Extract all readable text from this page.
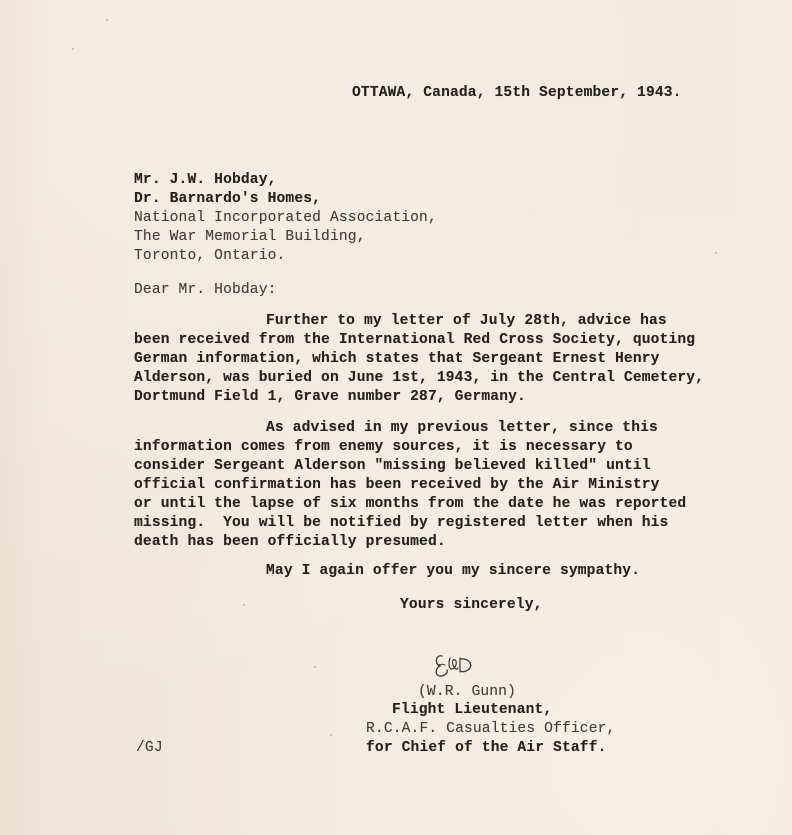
OTTAWA, Canada, 15th September, 1943.
Mr. J.W. Hobday,
Dr. Barnardo's Homes,
National Incorporated Association,
The War Memorial Building,
Toronto, Ontario.
Dear Mr. Hobday:
Further to my letter of July 28th, advice has
been received from the International Red Cross Society, quoting
German information, which states that Sergeant Ernest Henry
Alderson, was buried on June 1st, 1943, in the Central Cemetery,
Dortmund Field 1, Grave number 287, Germany.
As advised in my previous letter, since this
information comes from enemy sources, it is necessary to
consider Sergeant Alderson "missing believed killed" until
official confirmation has been received by the Air Ministry
or until the lapse of six months from the date he was reported
missing.  You will be notified by registered letter when his
death has been officially presumed.
May I again offer you my sincere sympathy.
Yours sincerely,
(W.R. Gunn)
Flight Lieutenant,
R.C.A.F. Casualties Officer,
for Chief of the Air Staff.
/GJ
